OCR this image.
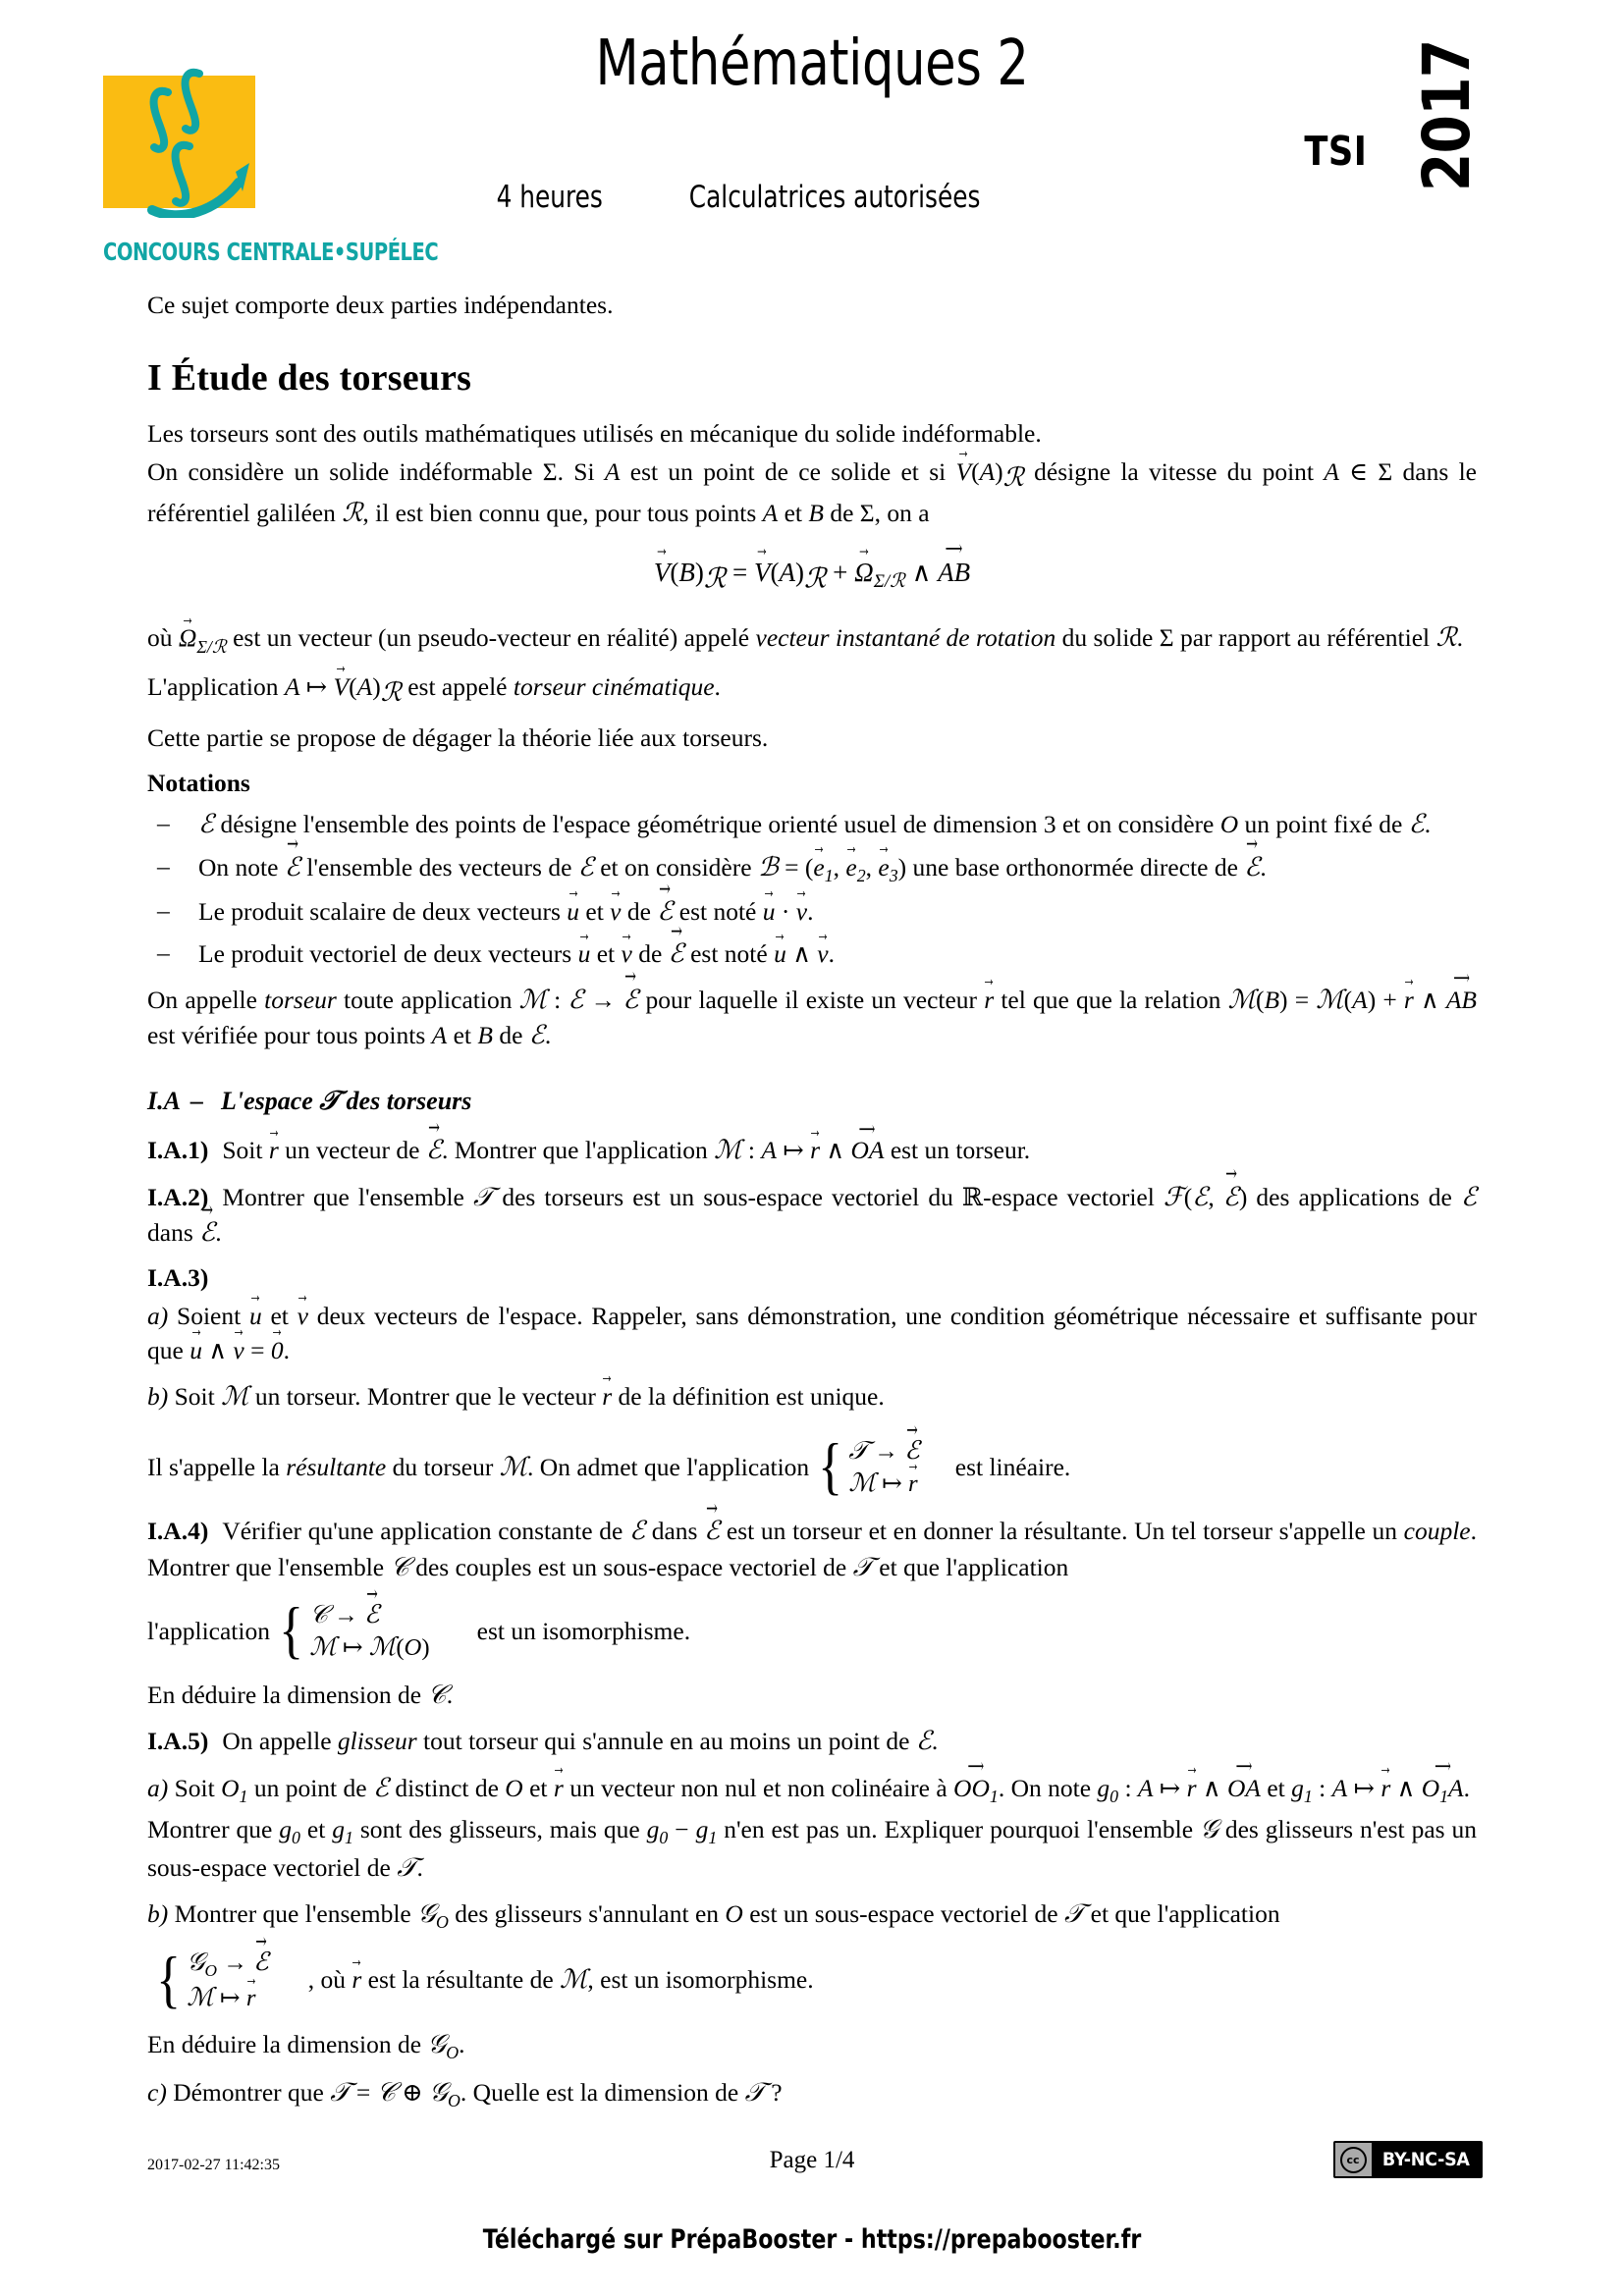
CONCOURS CENTRALE•SUPÉLEC
Mathématiques 2
TSI 2017
4 heures	Calculatrices autorisées

Ce sujet comporte deux parties indépendantes.

I Étude des torseurs

Les torseurs sont des outils mathématiques utilisés en mécanique du solide indéformable.

On considère un solide indéformable Σ. Si A est un point de ce solide et si $V \to(A)_ℛ$ désigne la vitesse du point A ∈ Σ dans le référentiel galiléen ℛ, il est bien connu que, pour tous points A et B de Σ, on a

$V \to(B)_ℛ = V \to(A)_ℛ + \Omega \to_{\Sigma/ℛ}$ ∧ AB ⟶

où $\Omega \to_{\Sigma/ℛ}$ est un vecteur (un pseudo-vecteur en réalité) appelé vecteur instantané de rotation du solide Σ par rapport au référentiel ℛ.

L'application A ↦ $V \to(A)_ℛ$ est appelé torseur cinématique.

Cette partie se propose de dégager la théorie liée aux torseurs.

Notations

– ℰ désigne l'ensemble des points de l'espace géométrique orienté usuel de dimension 3 et on considère O un point fixé de ℰ.
– On note ℰ → l'ensemble des vecteurs de ℰ et on considère ℬ = ($e \to_1$, $e \to_2$, $e \to_3$) une base orthonormée directe de ℰ →.
– Le produit scalaire de deux vecteurs u → et v → de ℰ → est noté u → · v →.
– Le produit vectoriel de deux vecteurs u → et v → de ℰ → est noté u → ∧ v →.

On appelle torseur toute application ℳ : ℰ → ℰ → pour laquelle il existe un vecteur r → tel que que la relation ℳ(B) = ℳ(A) + r → ∧ AB ⟶ est vérifiée pour tous points A et B de ℰ.

I.A – L'espace 𝒯 des torseurs

I.A.1) Soit r → un vecteur de ℰ →. Montrer que l'application ℳ : A ↦ r → ∧ OA ⟶ est un torseur.

I.A.2) Montrer que l'ensemble 𝒯 des torseurs est un sous-espace vectoriel du ℝ-espace vectoriel ℱ(ℰ, ℰ →) des applications de ℰ dans ℰ →.

I.A.3)

a) Soient u → et v → deux vecteurs de l'espace. Rappeler, sans démonstration, une condition géométrique nécessaire et suffisante pour que u → ∧ v → = 0 →.

b) Soit ℳ un torseur. Montrer que le vecteur r → de la définition est unique.

Il s'appelle la résultante du torseur ℳ. On admet que l'application { 𝒯 → ℰ →
ℳ ↦ r →
est linéaire.

I.A.4) Vérifier qu'une application constante de ℰ dans ℰ → est un torseur et en donner la résultante. Un tel torseur s'appelle un couple. Montrer que l'ensemble 𝒞 des couples est un sous-espace vectoriel de 𝒯 et que l'application

l'application { 𝒞 → ℰ →
ℳ ↦ ℳ(O)
est un isomorphisme.

En déduire la dimension de 𝒞.

I.A.5) On appelle glisseur tout torseur qui s'annule en au moins un point de ℰ.

a) Soit $O_1$ un point de ℰ distinct de O et r → un vecteur non nul et non colinéaire à $OO_1$ ⟶. On note $g_0$ : A ↦ r → ∧ OA ⟶ et $g_1$ : A ↦ r → ∧ $O_1A$ ⟶.

Montrer que $g_0$ et $g_1$ sont des glisseurs, mais que $g_0 - g_1$ n'en est pas un. Expliquer pourquoi l'ensemble 𝒢 des glisseurs n'est pas un sous-espace vectoriel de 𝒯.

b) Montrer que l'ensemble 𝒢$_O$ des glisseurs s'annulant en O est un sous-espace vectoriel de 𝒯 et que l'application

{ 𝒢$_O$ → ℰ →
ℳ ↦ r →
, où r → est la résultante de ℳ, est un isomorphisme.

En déduire la dimension de 𝒢$_O$.

c) Démontrer que 𝒯 = 𝒞 ⊕ 𝒢$_O$. Quelle est la dimension de 𝒯 ?

2017-02-27 11:42:35	Page 1/4	cc	BY-NC-SA
Téléchargé sur PrépaBooster - https://prepabooster.fr
